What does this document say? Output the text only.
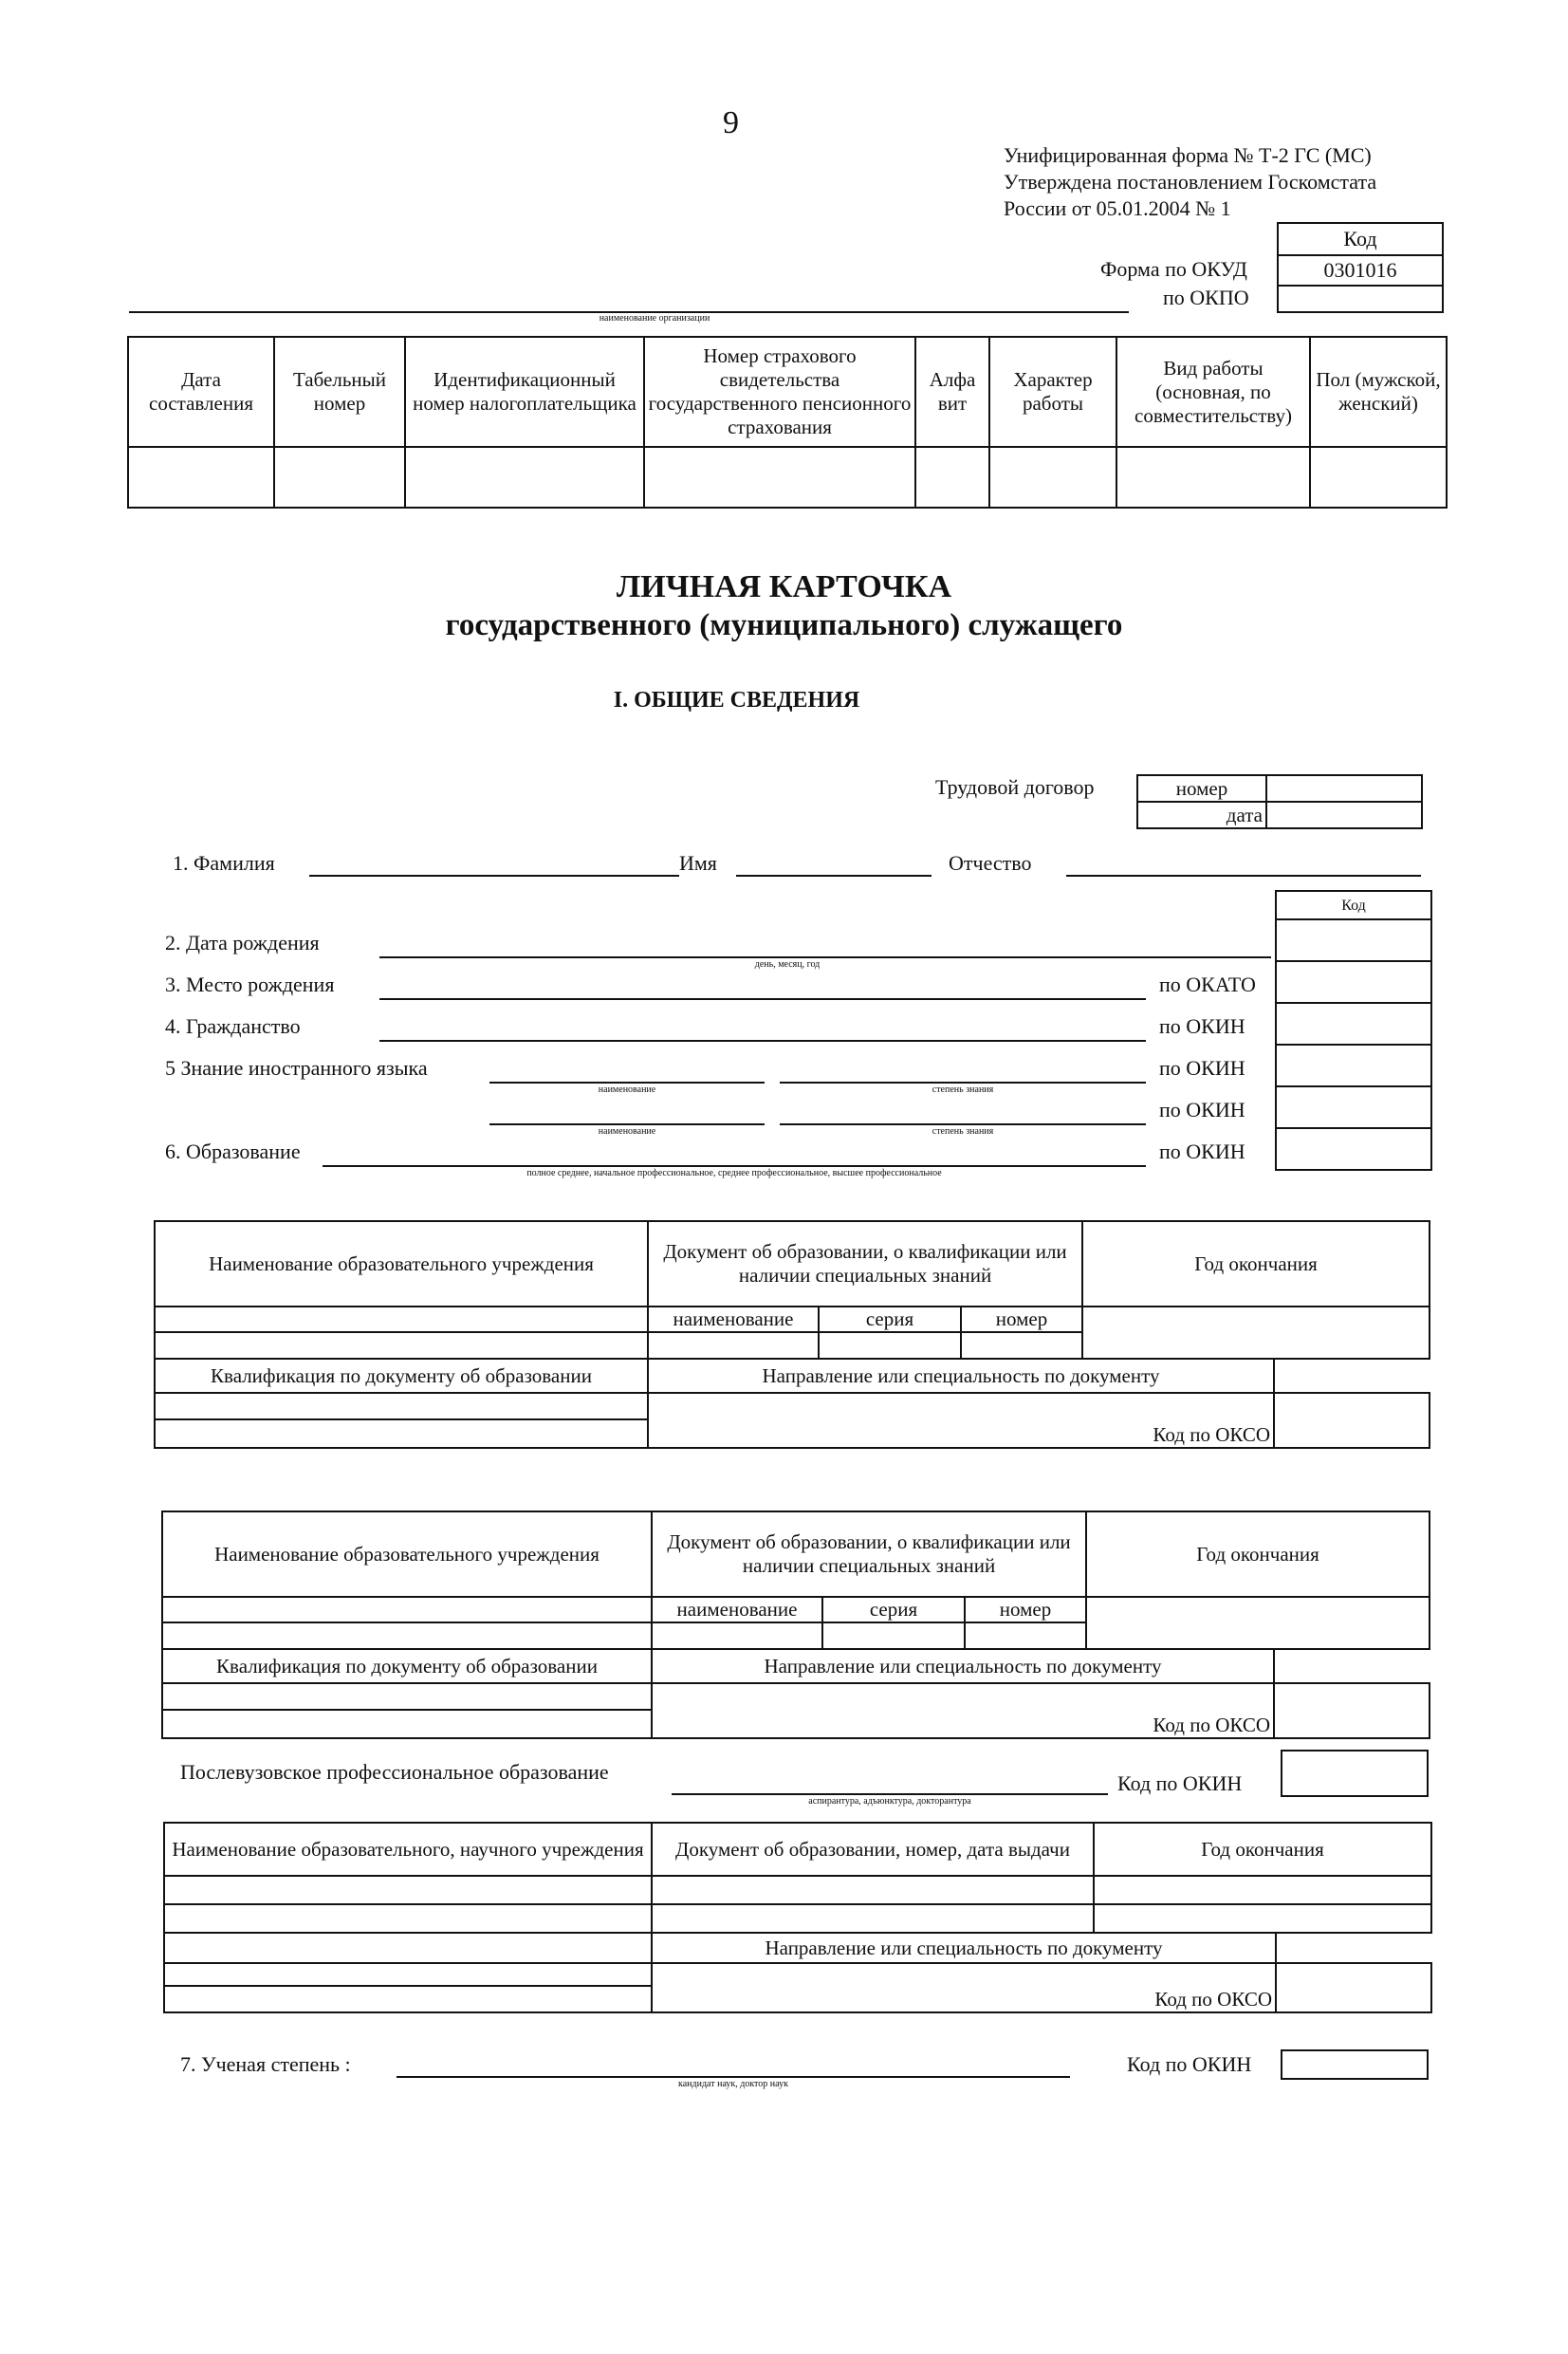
9
Унифицированная форма № Т-2 ГС (МС)
Утверждена постановлением Госкомстата
России от 05.01.2004 № 1
Код
0301016
Форма по ОКУД
по ОКПО
наименование организации
Дата составления	Табельный номер	Идентификационный номер налогоплательщика	Номер страхового свидетельства государственного пенсионного страхования	Алфа вит	Характер работы	Вид работы (основная, по совместительству)	Пол (мужской, женский)

ЛИЧНАЯ КАРТОЧКА
государственного (муниципального) служащего
I. ОБЩИЕ СВЕДЕНИЯ
Трудовой договор	номер	
дата	
1. Фамилия	Имя	Отчество
Код

2. Дата рождения
день, месяц, год
3. Место рождения	по ОКАТО
4. Гражданство	по ОКИН
5 Знание иностранного языка
наименование	степень знания
по ОКИН
наименование	степень знания
по ОКИН
6. Образование
полное среднее, начальное профессиональное, среднее профессиональное, высшее профессиональное
по ОКИН
Наименование образовательного учреждения	Документ об образовании, о квалификации или наличии специальных знаний			Год окончания	
	наименование	серия	номер		

Квалификация по документу об образовании	Направление или специальность по документу				
	Код по ОКСО				

Наименование образовательного учреждения	Документ об образовании, о квалификации или наличии специальных знаний			Год окончания	
	наименование	серия	номер		

Квалификация по документу об образовании	Направление или специальность по документу				
	Код по ОКСО				

Послевузовское профессиональное образование
аспирантура, адъюнктура, докторантура
Код по ОКИН
Наименование образовательного, научного учреждения	Документ об образовании, номер, дата выдачи	Год окончания	

	Направление или специальность по документу		
	Код по ОКСО		

7. Ученая степень :
кандидат наук, доктор наук
Код по ОКИН
